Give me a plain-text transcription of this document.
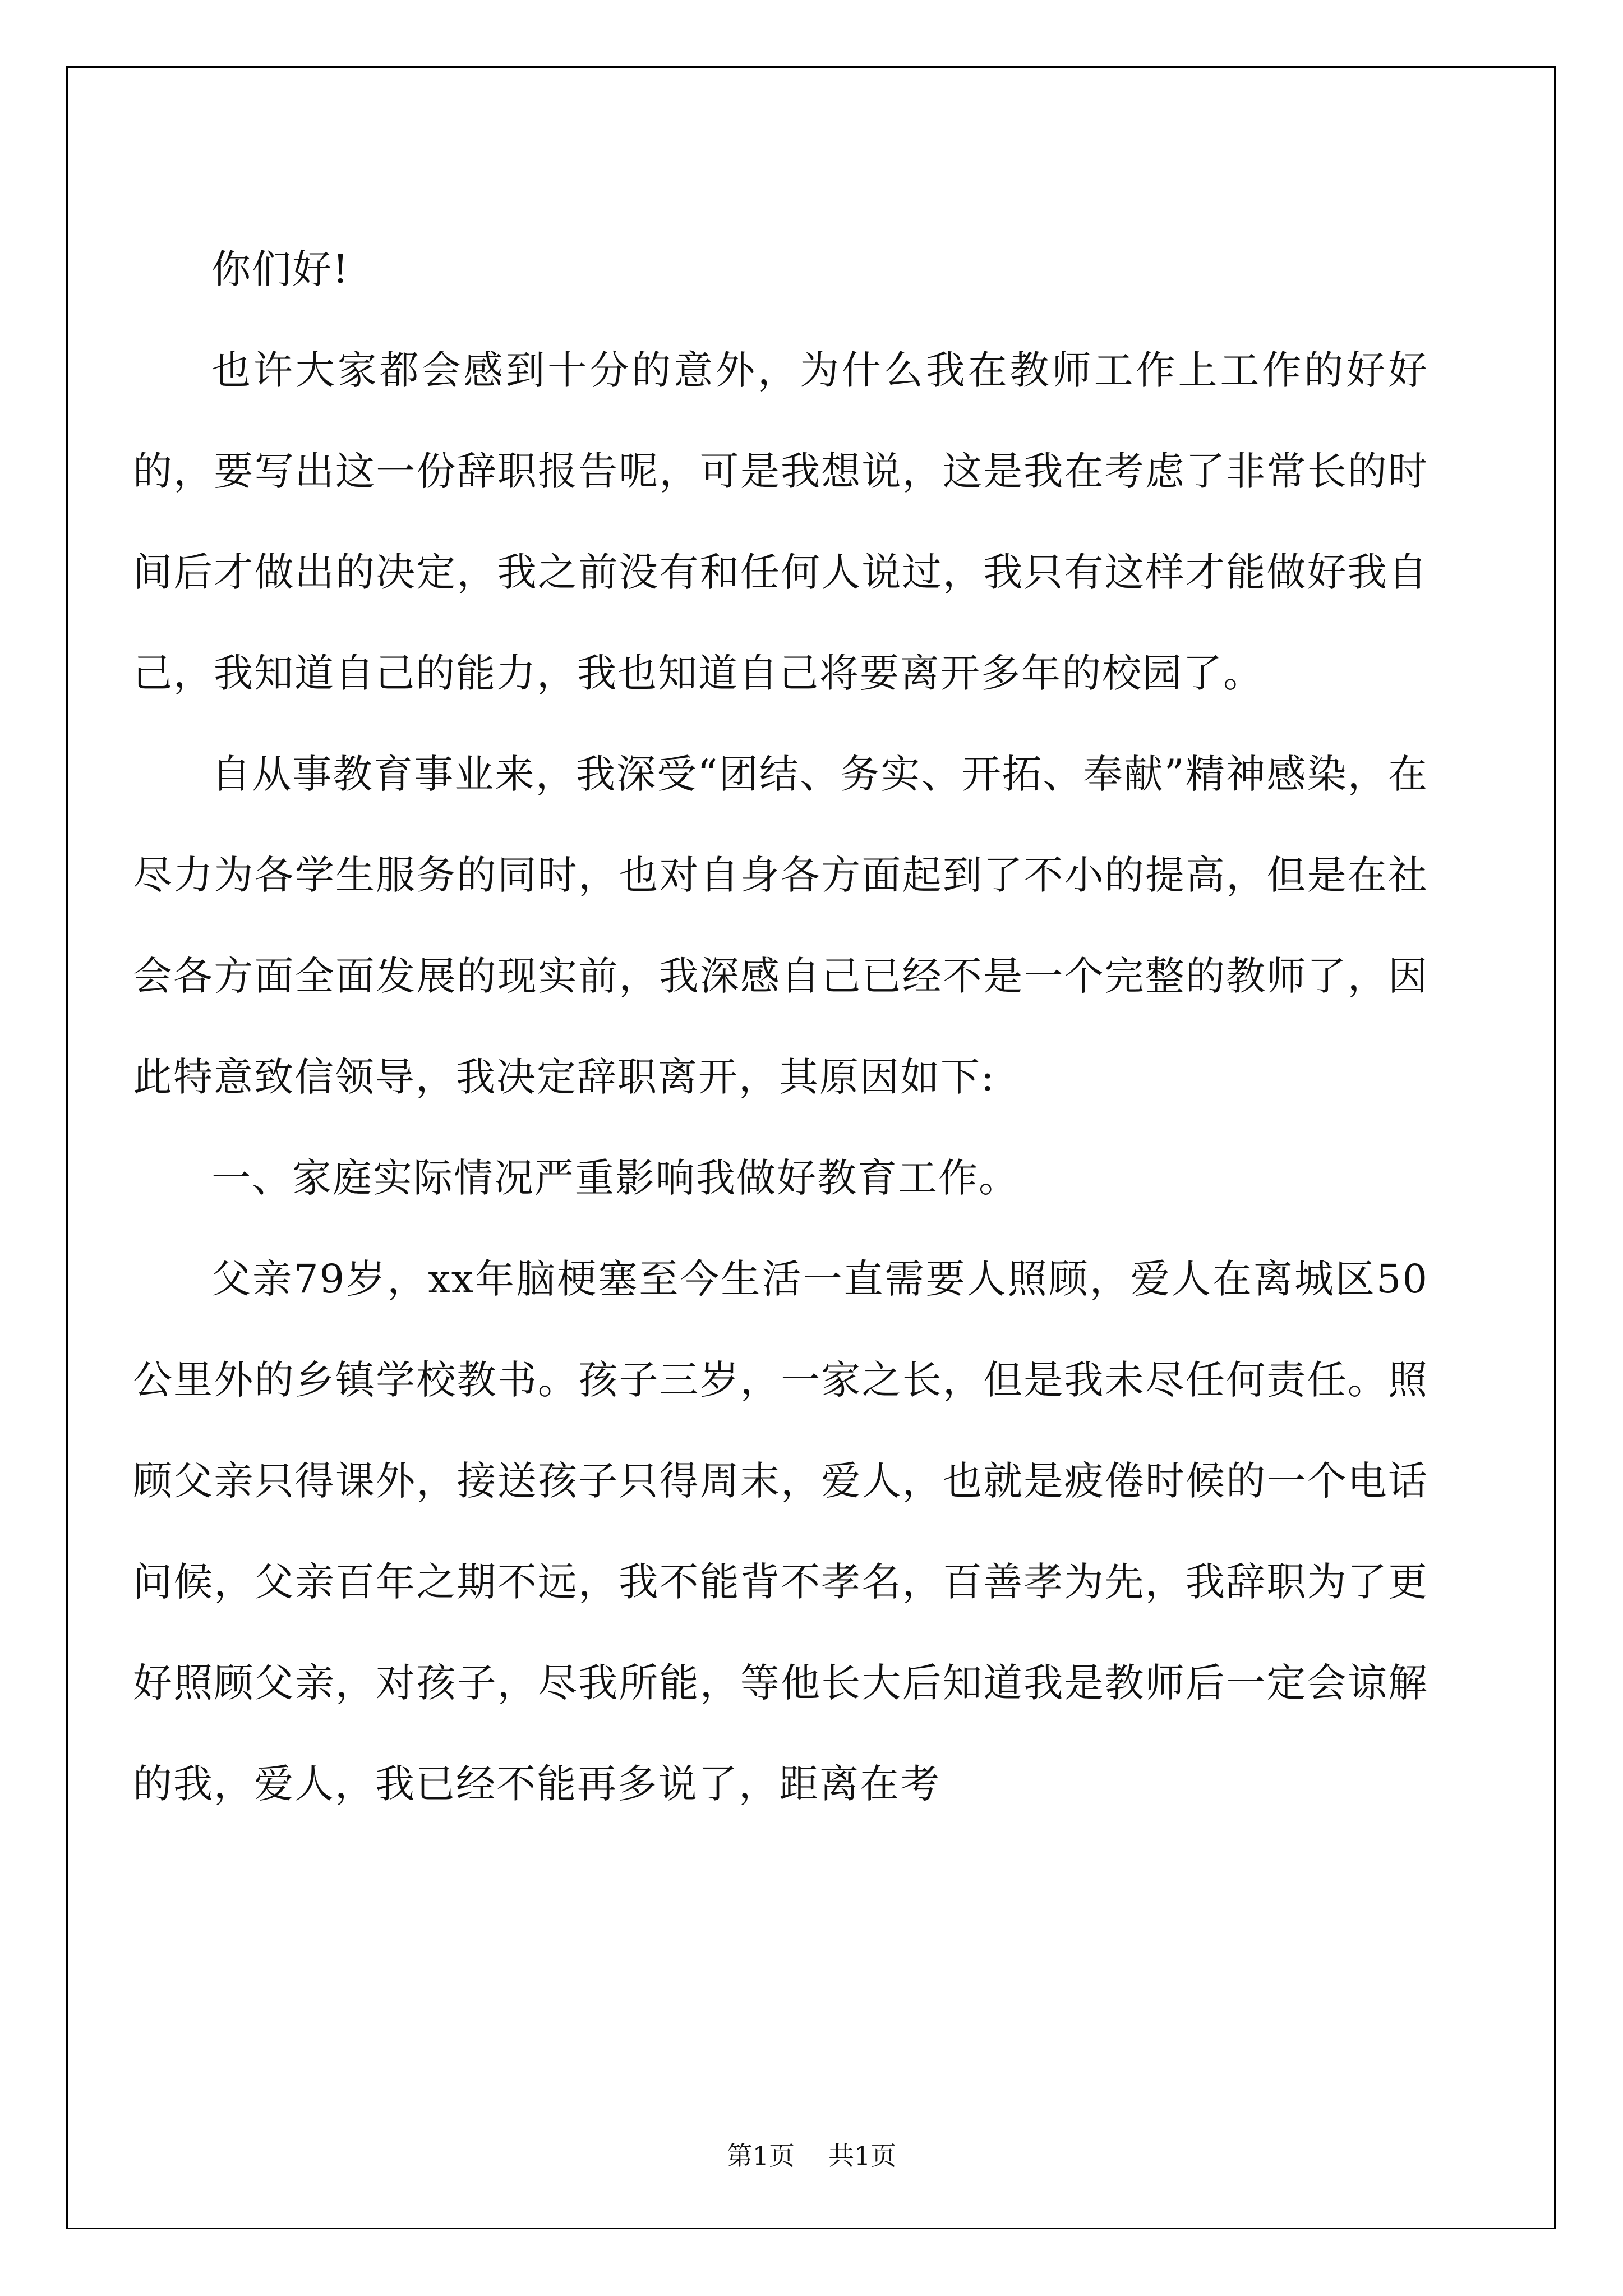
你们好!

也许大家都会感到十分的意外，为什么我在教师工作上工作的好好的，要写出这一份辞职报告呢，可是我想说，这是我在考虑了非常长的时间后才做出的决定，我之前没有和任何人说过，我只有这样才能做好我自己，我知道自己的能力，我也知道自己将要离开多年的校园了。

自从事教育事业来，我深受“团结、务实、开拓、奉献”精神感染，在尽力为各学生服务的同时，也对自身各方面起到了不小的提高，但是在社会各方面全面发展的现实前，我深感自己已经不是一个完整的教师了，因此特意致信领导，我决定辞职离开，其原因如下:

一、家庭实际情况严重影响我做好教育工作。

父亲79岁，xx年脑梗塞至今生活一直需要人照顾，爱人在离城区50公里外的乡镇学校教书。孩子三岁，一家之长，但是我未尽任何责任。照顾父亲只得课外，接送孩子只得周末，爱人，也就是疲倦时候的一个电话问候，父亲百年之期不远，我不能背不孝名，百善孝为先，我辞职为了更好照顾父亲，对孩子，尽我所能，等他长大后知道我是教师后一定会谅解的我，爱人，我已经不能再多说了，距离在考

第1页 共1页
